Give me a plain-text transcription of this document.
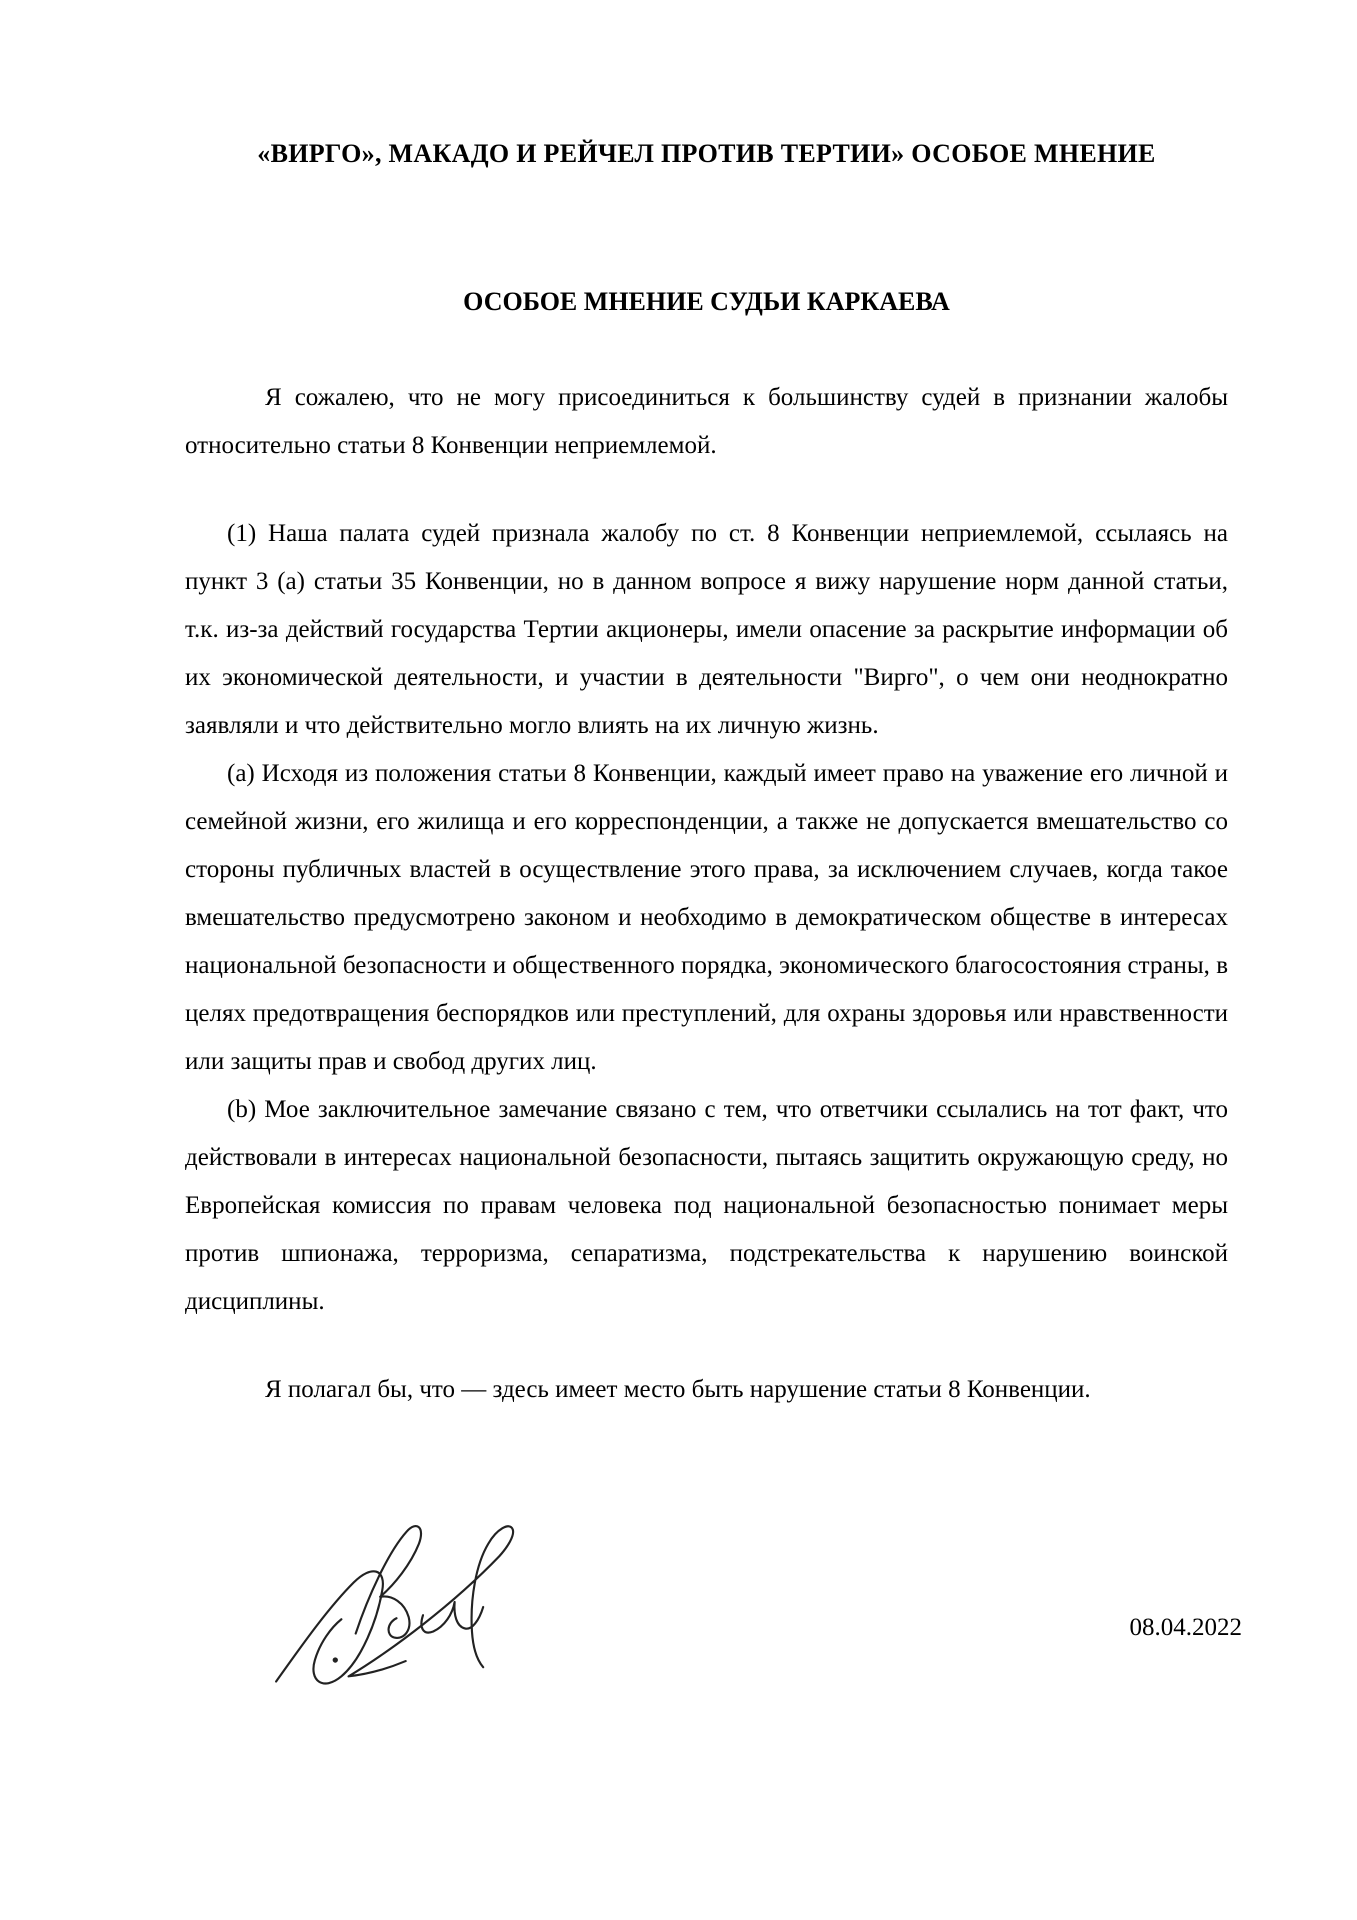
«ВИРГО», МАКАДО И РЕЙЧЕЛ ПРОТИВ ТЕРТИИ» ОСОБОЕ МНЕНИЕ
ОСОБОЕ МНЕНИЕ СУДЬИ КАРКАЕВА

Я сожалею, что не могу присоединиться к большинству судей в признании жалобы относительно статьи 8 Конвенции неприемлемой.

(1) Наша палата судей признала жалобу по ст. 8 Конвенции неприемлемой, ссылаясь на пункт 3 (а) статьи 35 Конвенции, но в данном вопросе я вижу нарушение норм данной статьи, т.к. из-за действий государства Тертии акционеры, имели опасение за раскрытие информации об их экономической деятельности, и участии в деятельности "Вирго", о чем они неоднократно заявляли и что действительно могло влиять на их личную жизнь.

(а) Исходя из положения статьи 8 Конвенции, каждый имеет право на уважение его личной и семейной жизни, его жилища и его корреспонденции, а также не допускается вмешательство со стороны публичных властей в осуществление этого права, за исключением случаев, когда такое вмешательство предусмотрено законом и необходимо в демократическом обществе в интересах национальной безопасности и общественного порядка, экономического благосостояния страны, в целях предотвращения беспорядков или преступлений, для охраны здоровья или нравственности или защиты прав и свобод других лиц.

(b) Мое заключительное замечание связано с тем, что ответчики ссылались на тот факт, что действовали в интересах национальной безопасности, пытаясь защитить окружающую среду, но Европейская комиссия по правам человека под национальной безопасностью понимает меры против шпионажа, терроризма, сепаратизма, подстрекательства к нарушению воинской дисциплины.

Я полагал бы, что — здесь имеет место быть нарушение статьи 8 Конвенции.

08.04.2022
